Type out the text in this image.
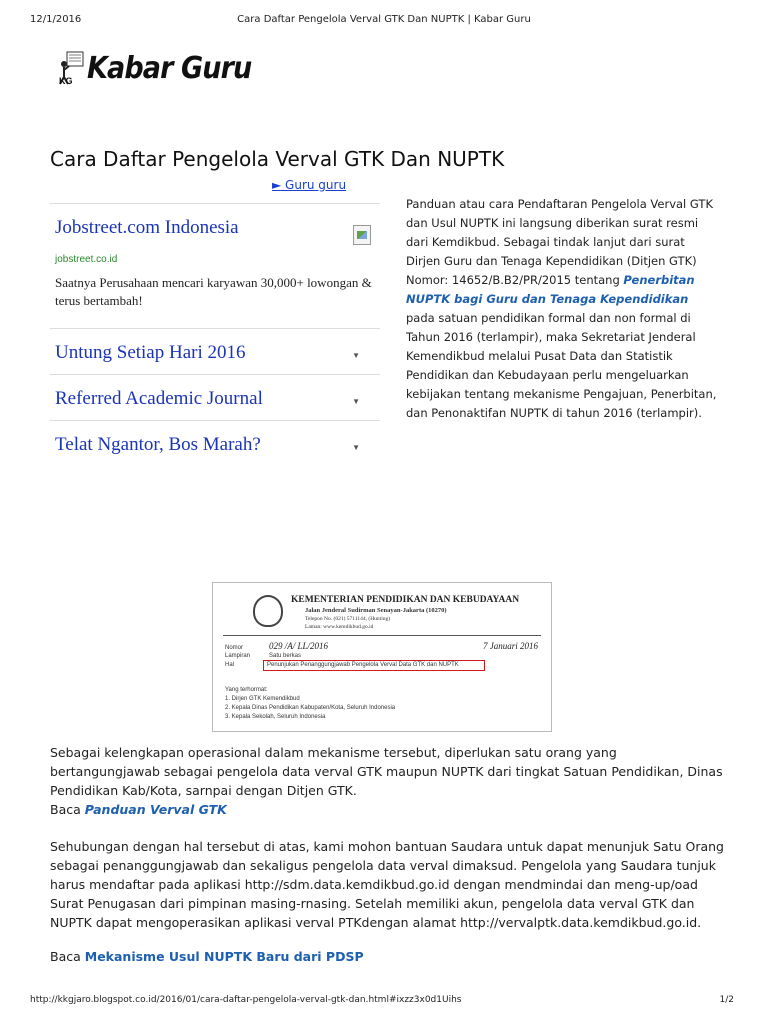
12/1/2016	Cara Daftar Pengelola Verval GTK Dan NUPTK | Kabar Guru
KG Kabar Guru
Cara Daftar Pengelola Verval GTK Dan NUPTK
► Guru guru
Jobstreet.com Indonesia
jobstreet.co.id
Saatnya Perusahaan mencari karyawan 30,000+ lowongan & terus bertambah!
Untung Setiap Hari 2016	▼
Referred Academic Journal	▼
Telat Ngantor, Bos Marah?	▼
Panduan atau cara Pendaftaran Pengelola Verval GTK dan Usul NUPTK ini langsung diberikan surat resmi dari Kemdikbud. Sebagai tindak lanjut dari surat Dirjen Guru dan Tenaga Kependidikan (Ditjen GTK) Nomor: 14652/B.B2/PR/2015 tentang Penerbitan NUPTK bagi Guru dan Tenaga Kependidikan pada satuan pendidikan formal dan non formal di Tahun 2016 (terlampir), maka Sekretariat Jenderal Kemendikbud melalui Pusat Data dan Statistik Pendidikan dan Kebudayaan perlu mengeluarkan kebijakan tentang mekanisme Pengajuan, Penerbitan, dan Penonaktifan NUPTK di tahun 2016 (terlampir).
KEMENTERIAN PENDIDIKAN DAN KEBUDAYAAN
Jalan Jenderal Sudirman Senayan-Jakarta (10270)
Telepon No. (021) 5711144, (Hunting)
Laman: www.kemdikbud.go.id
Nomor	029 /A/ LL/2016	7 Januari 2016
Lampiran	Satu berkas
Hal	Penunjukan Penanggungjawab Pengelola Verval Data GTK dan NUPTK
Yang terhormat:
1. Dirjen GTK Kemendikbud
2. Kepala Dinas Pendidikan Kabupaten/Kota, Seluruh Indonesia
3. Kepala Sekolah, Seluruh Indonesia
Sebagai kelengkapan operasional dalam mekanisme tersebut, diperlukan satu orang yang bertangungjawab sebagai pengelola data verval GTK maupun NUPTK dari tingkat Satuan Pendidikan, Dinas Pendidikan Kab/Kota, sarnpai dengan Ditjen GTK.
Baca Panduan Verval GTK
Sehubungan dengan hal tersebut di atas, kami mohon bantuan Saudara untuk dapat menunjuk Satu Orang sebagai penanggungjawab dan sekaligus pengelola data verval dimaksud. Pengelola yang Saudara tunjuk harus mendaftar pada aplikasi http://sdm.data.kemdikbud.go.id dengan mendmindai dan meng-up/oad Surat Penugasan dari pimpinan masing-rnasing. Setelah memiliki akun, pengelola data verval GTK dan NUPTK dapat mengoperasikan aplikasi verval PTKdengan alamat http://vervalptk.data.kemdikbud.go.id.
Baca Mekanisme Usul NUPTK Baru dari PDSP
http://kkgjaro.blogspot.co.id/2016/01/cara-daftar-pengelola-verval-gtk-dan.html#ixzz3x0d1Uihs	1/2
